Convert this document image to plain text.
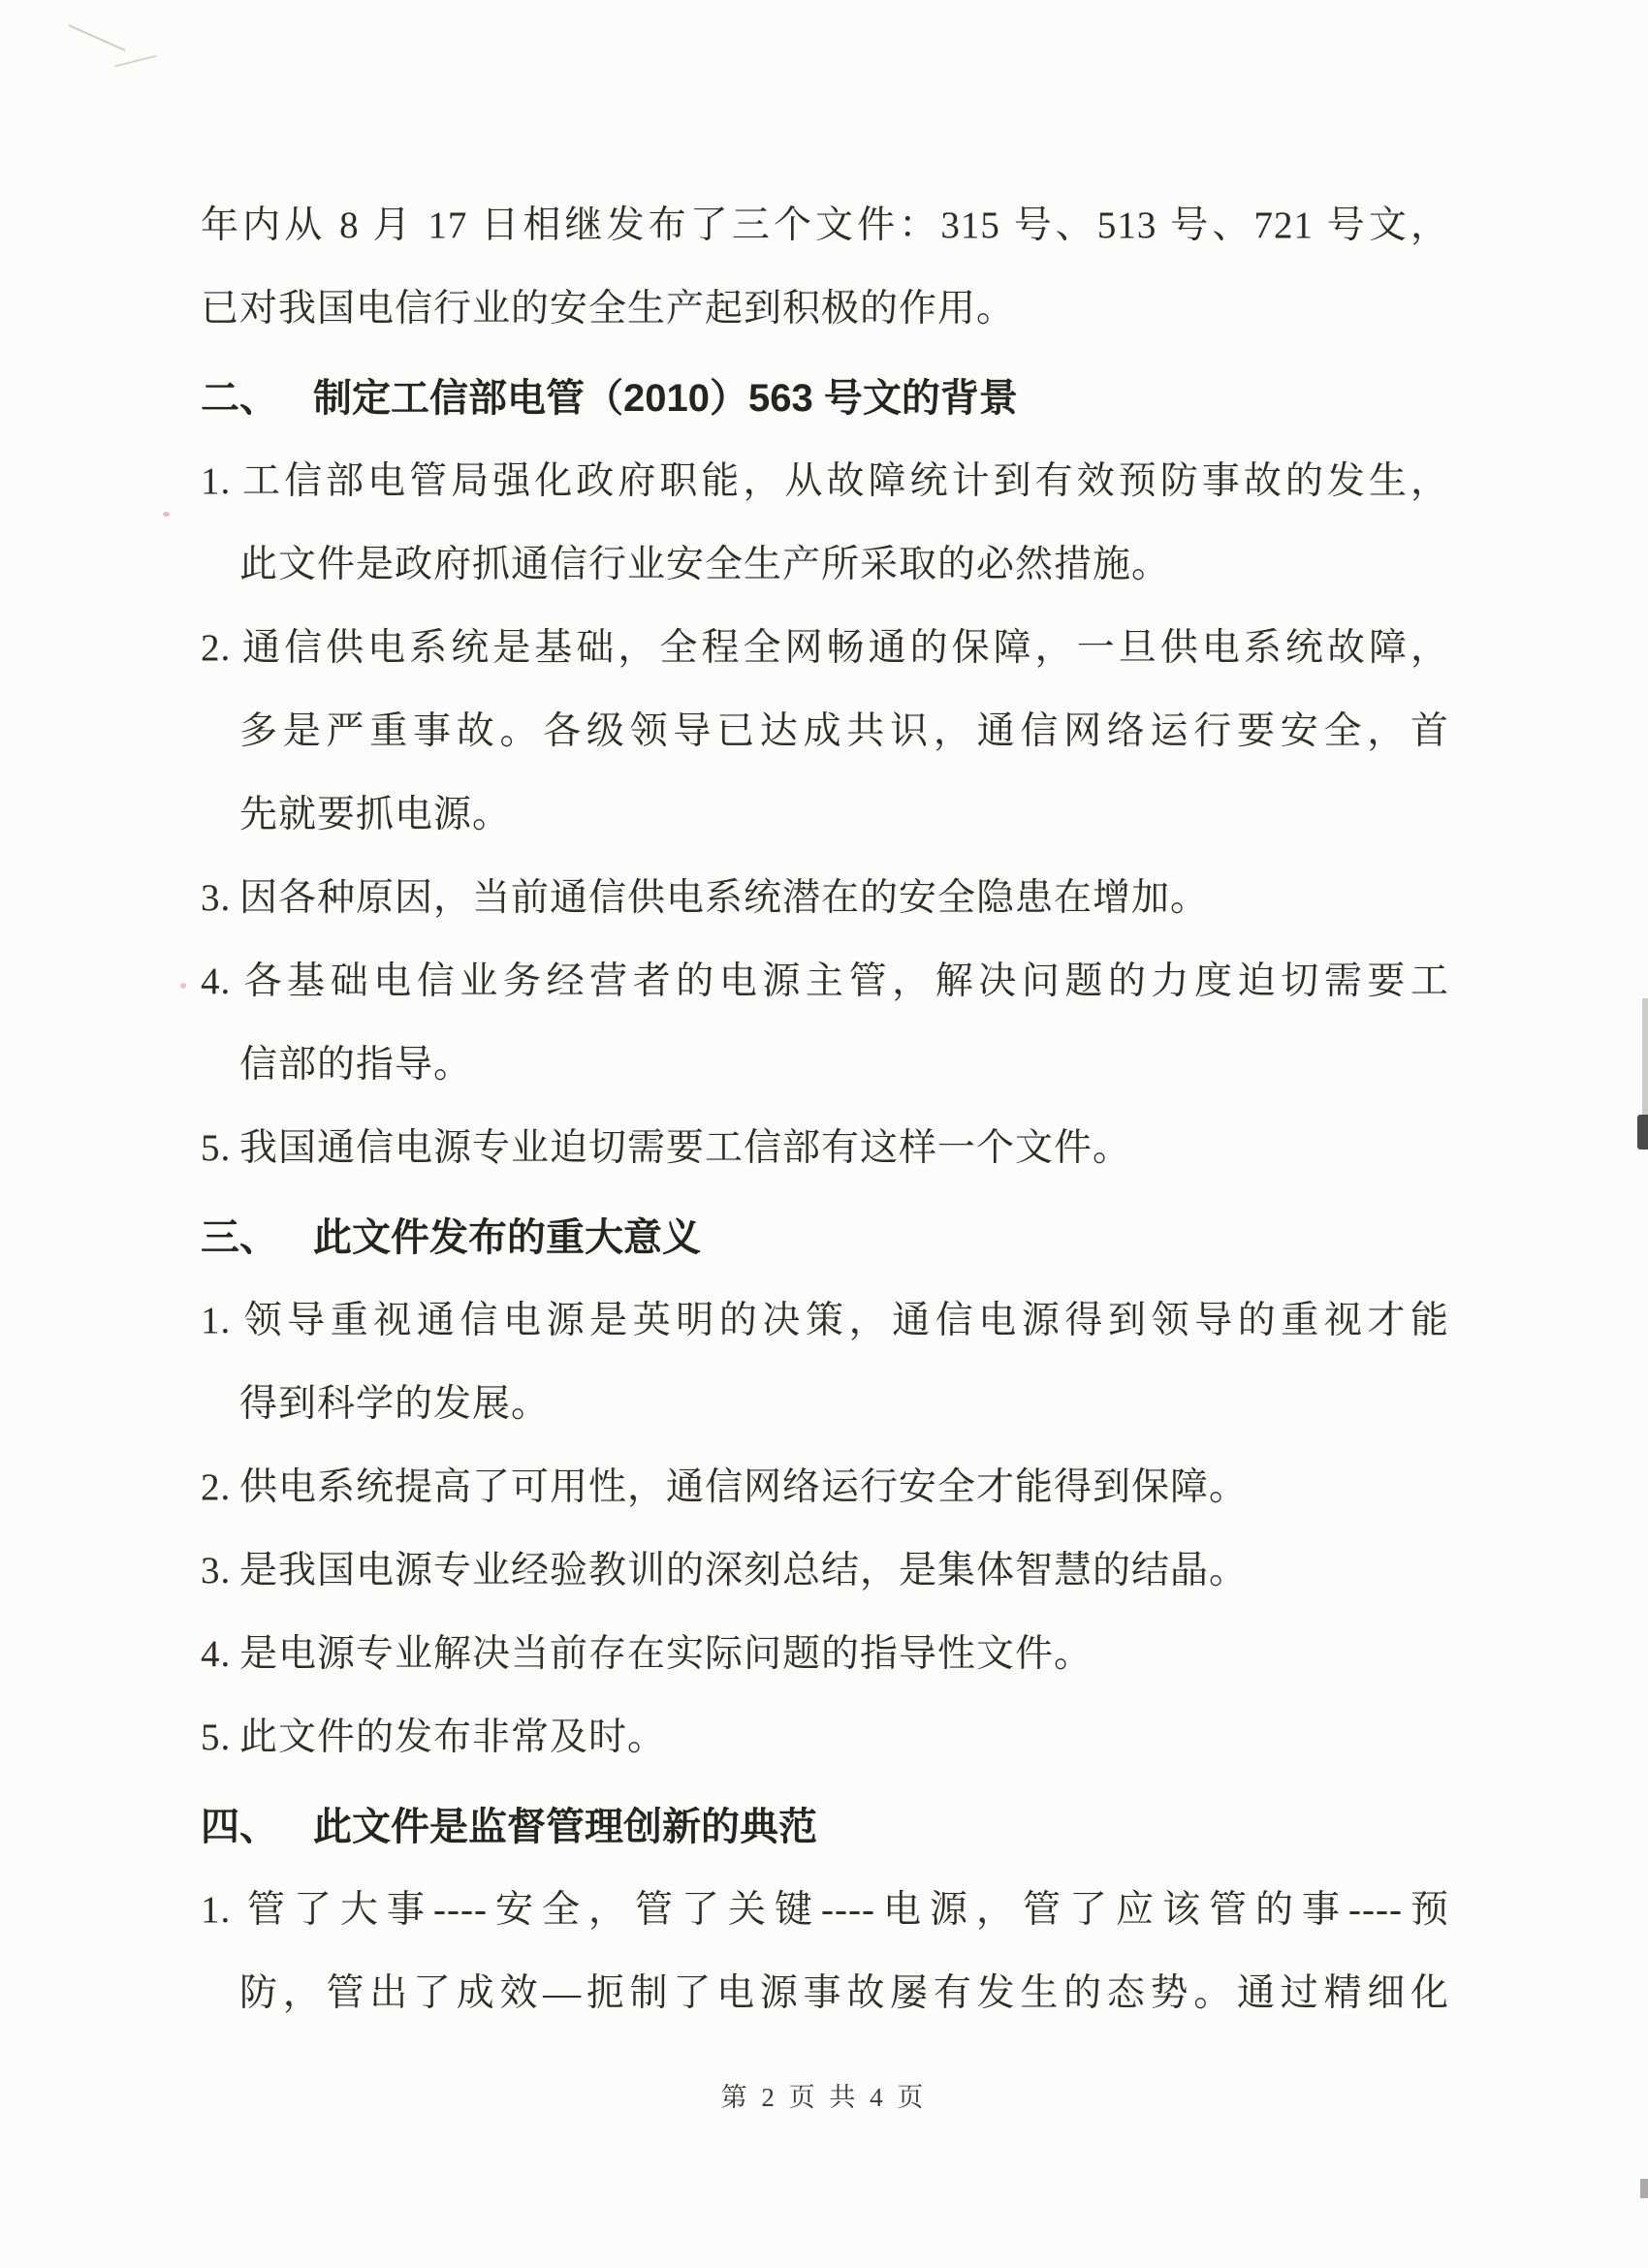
年内从 8 月 17 日相继发布了三个文件：315 号、513 号、721 号文，
已对我国电信行业的安全生产起到积极的作用。
二、 制定工信部电管（2010）563 号文的背景
1. 工信部电管局强化政府职能，从故障统计到有效预防事故的发生，
此文件是政府抓通信行业安全生产所采取的必然措施。
2. 通信供电系统是基础，全程全网畅通的保障，一旦供电系统故障，
多是严重事故。各级领导已达成共识，通信网络运行要安全，首
先就要抓电源。
3. 因各种原因，当前通信供电系统潜在的安全隐患在增加。
4. 各基础电信业务经营者的电源主管，解决问题的力度迫切需要工
信部的指导。
5. 我国通信电源专业迫切需要工信部有这样一个文件。
三、 此文件发布的重大意义
1. 领导重视通信电源是英明的决策，通信电源得到领导的重视才能
得到科学的发展。
2. 供电系统提高了可用性，通信网络运行安全才能得到保障。
3. 是我国电源专业经验教训的深刻总结，是集体智慧的结晶。
4. 是电源专业解决当前存在实际问题的指导性文件。
5. 此文件的发布非常及时。
四、 此文件是监督管理创新的典范
1. 管了大事----安全，管了关键----电源，管了应该管的事----预
防，管出了成效—扼制了电源事故屡有发生的态势。通过精细化
第 2 页 共 4 页
